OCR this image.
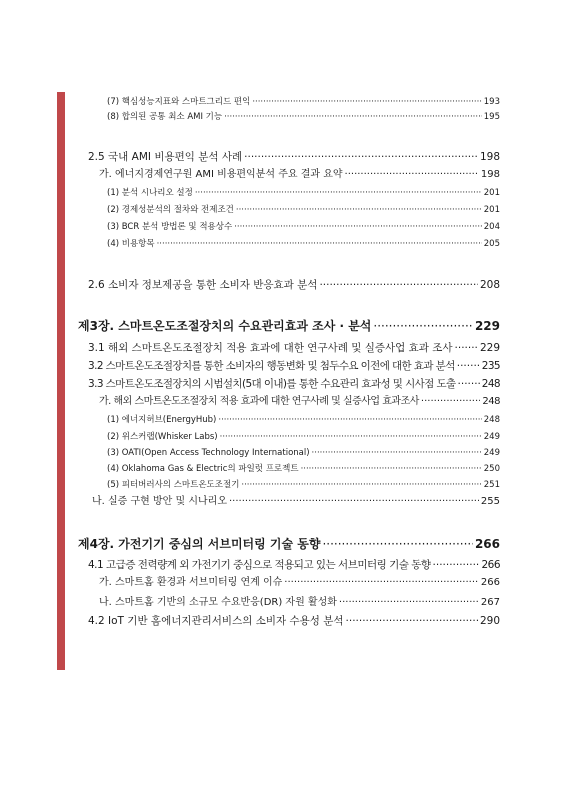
(7) 핵심성능지표와 스마트그리드 편익 ·····	193
(8) 합의된 공통 최소 AMI 기능 ·····	195
2.5 국내 AMI 비용편익 분석 사례 ·····	198
가. 에너지경제연구원 AMI 비용편익분석 주요 결과 요약 ·····	198
(1) 분석 시나리오 설정 ·····	201
(2) 경제성분석의 절차와 전제조건 ·····	201
(3) BCR 분석 방법론 및 적용상수 ·····	204
(4) 비용항목 ·····	205
2.6 소비자 정보제공을 통한 소비자 반응효과 분석 ·····	208
제3장. 스마트온도조절장치의 수요관리효과 조사 · 분석 ·····	229
3.1 해외 스마트온도조절장치 적용 효과에 대한 연구사례 및 실증사업 효과 조사 ·····	229
3.2 스마트온도조절장치를 통한 소비자의 행동변화 및 첨두수요 이전에 대한 효과 분석 ·····	235
3.3 스마트온도조절장치의 시범설치(5대 이내)를 통한 수요관리 효과성 및 시사점 도출 ····· 248
가. 해외 스마트온도조절장치 적용 효과에 대한 연구사례 및 실증사업 효과조사 ·····	248
(1) 에너지허브(EnergyHub) ·····	248
(2) 위스커랩(Whisker Labs) ·····	249
(3) OATI(Open Access Technology International) ·····	249
(4) Oklahoma Gas & Electric의 파일럿 프로젝트 ·····	250
(5) 피터버러사의 스마트온도조절기 ·····	251
나. 실증 구현 방안 및 시나리오 ·····	255
제4장. 가전기기 중심의 서브미터링 기술 동향 ·····	266
4.1 고급증 전력량계 외 가전기기 중심으로 적용되고 있는 서브미터링 기술 동향 ·····	266
가. 스마트홈 환경과 서브미터링 연계 이슈 ·····	266
나. 스마트홈 기반의 소규모 수요반응(DR) 자원 활성화 ·····	267
4.2 IoT 기반 홈에너지관리서비스의 소비자 수용성 분석 ·····	290
